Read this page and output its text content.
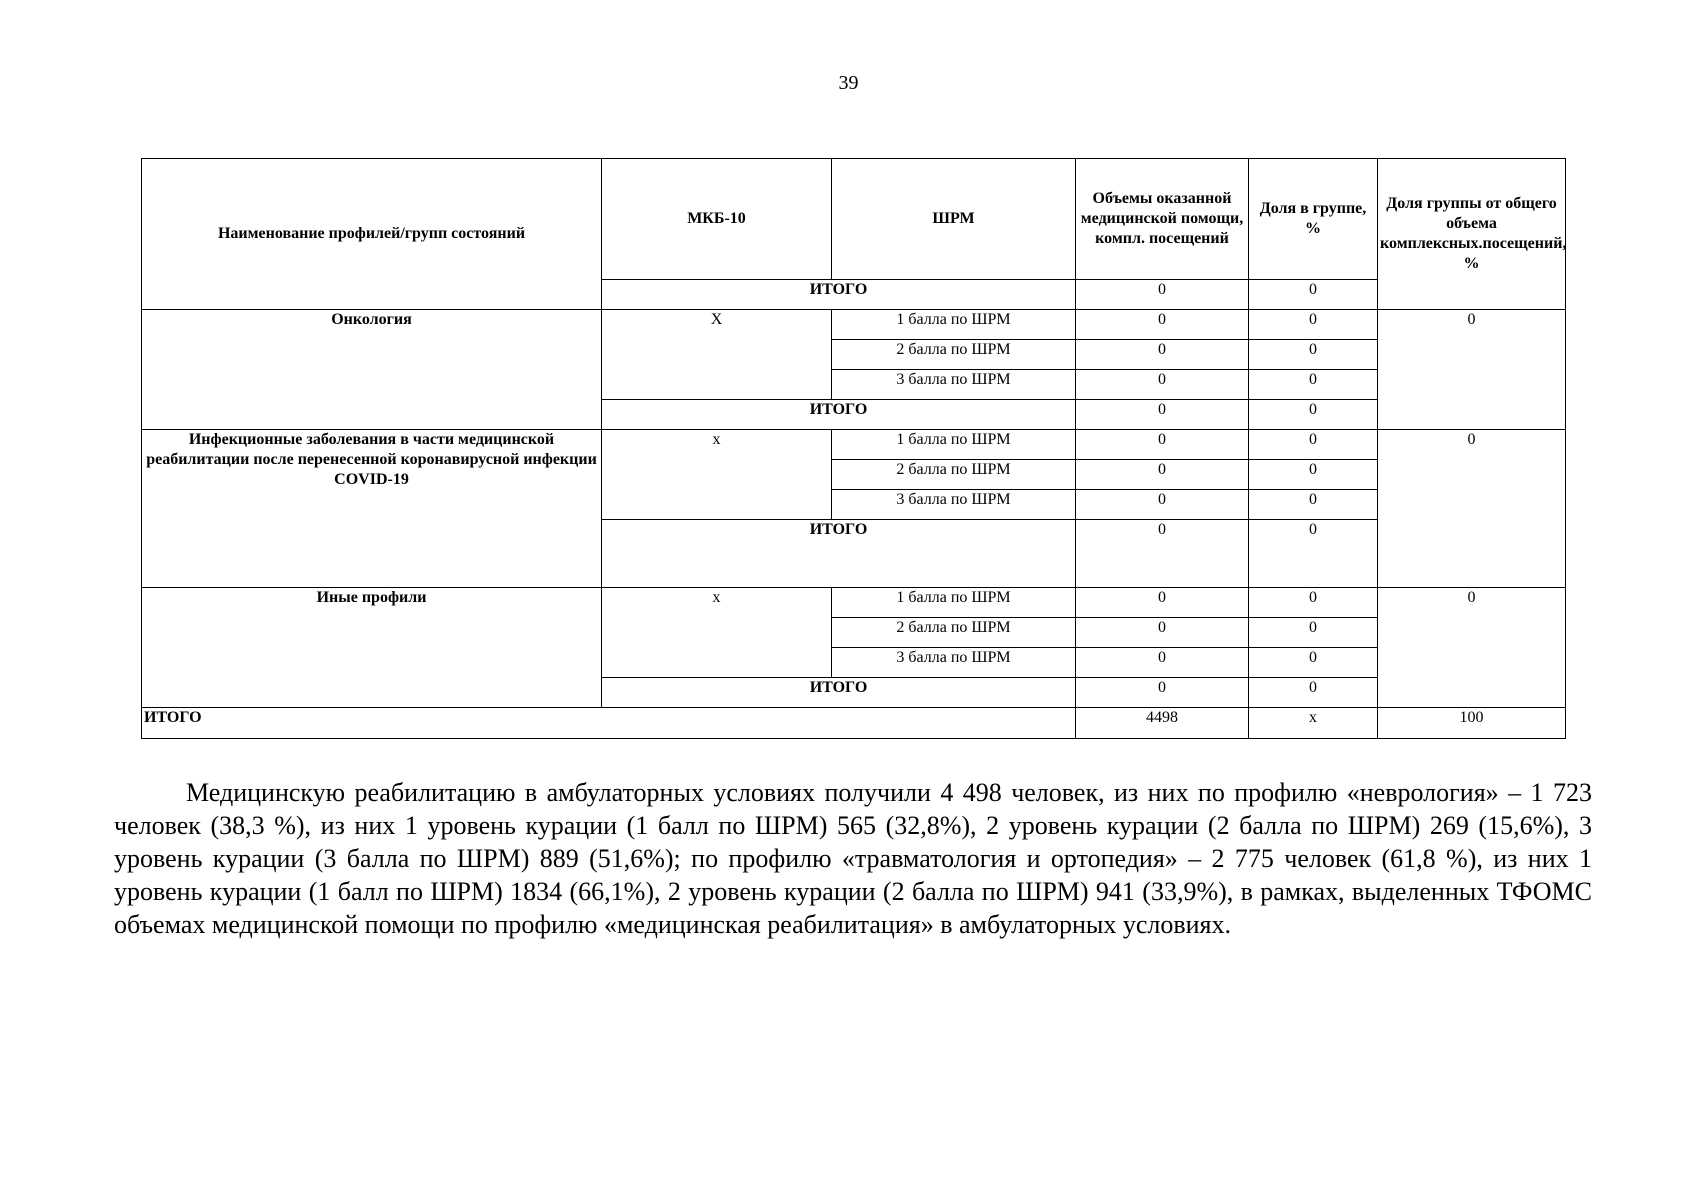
39
Наименование профилей/групп состояний	МКБ-10	ШРМ	Объемы оказанной медицинской помощи, компл. посещений	Доля в группе, %	Доля группы от общего объема комплексных.посещений, %
	ИТОГО		0	0	
Онкология	Х	1 балла по ШРМ	0	0	0
		2 балла по ШРМ	0	0	
		3 балла по ШРМ	0	0	
	ИТОГО		0	0	
Инфекционные заболевания в части медицинской реабилитации после перенесенной коронавирусной инфекции COVID-19	х	1 балла по ШРМ	0	0	0
		2 балла по ШРМ	0	0	
		3 балла по ШРМ	0	0	
	ИТОГО		0	0	
Иные профили	х	1 балла по ШРМ	0	0	0
		2 балла по ШРМ	0	0	
		3 балла по ШРМ	0	0	
	ИТОГО		0	0	
ИТОГО			4498	х	100

Медицинскую реабилитацию в амбулаторных условиях получили 4 498 человек, из них по профилю «неврология» – 1 723 человек (38,3 %), из них 1 уровень курации (1 балл по ШРМ) 565 (32,8%), 2 уровень курации (2 балла по ШРМ) 269 (15,6%), 3 уровень курации (3 балла по ШРМ) 889 (51,6%); по профилю «травматология и ортопедия» – 2 775 человек (61,8 %), из них 1 уровень курации (1 балл по ШРМ) 1834 (66,1%), 2 уровень курации (2 балла по ШРМ) 941 (33,9%), в рамках, выделенных ТФОМС объемах медицинской помощи по профилю «медицинская реабилитация» в амбулаторных условиях.
